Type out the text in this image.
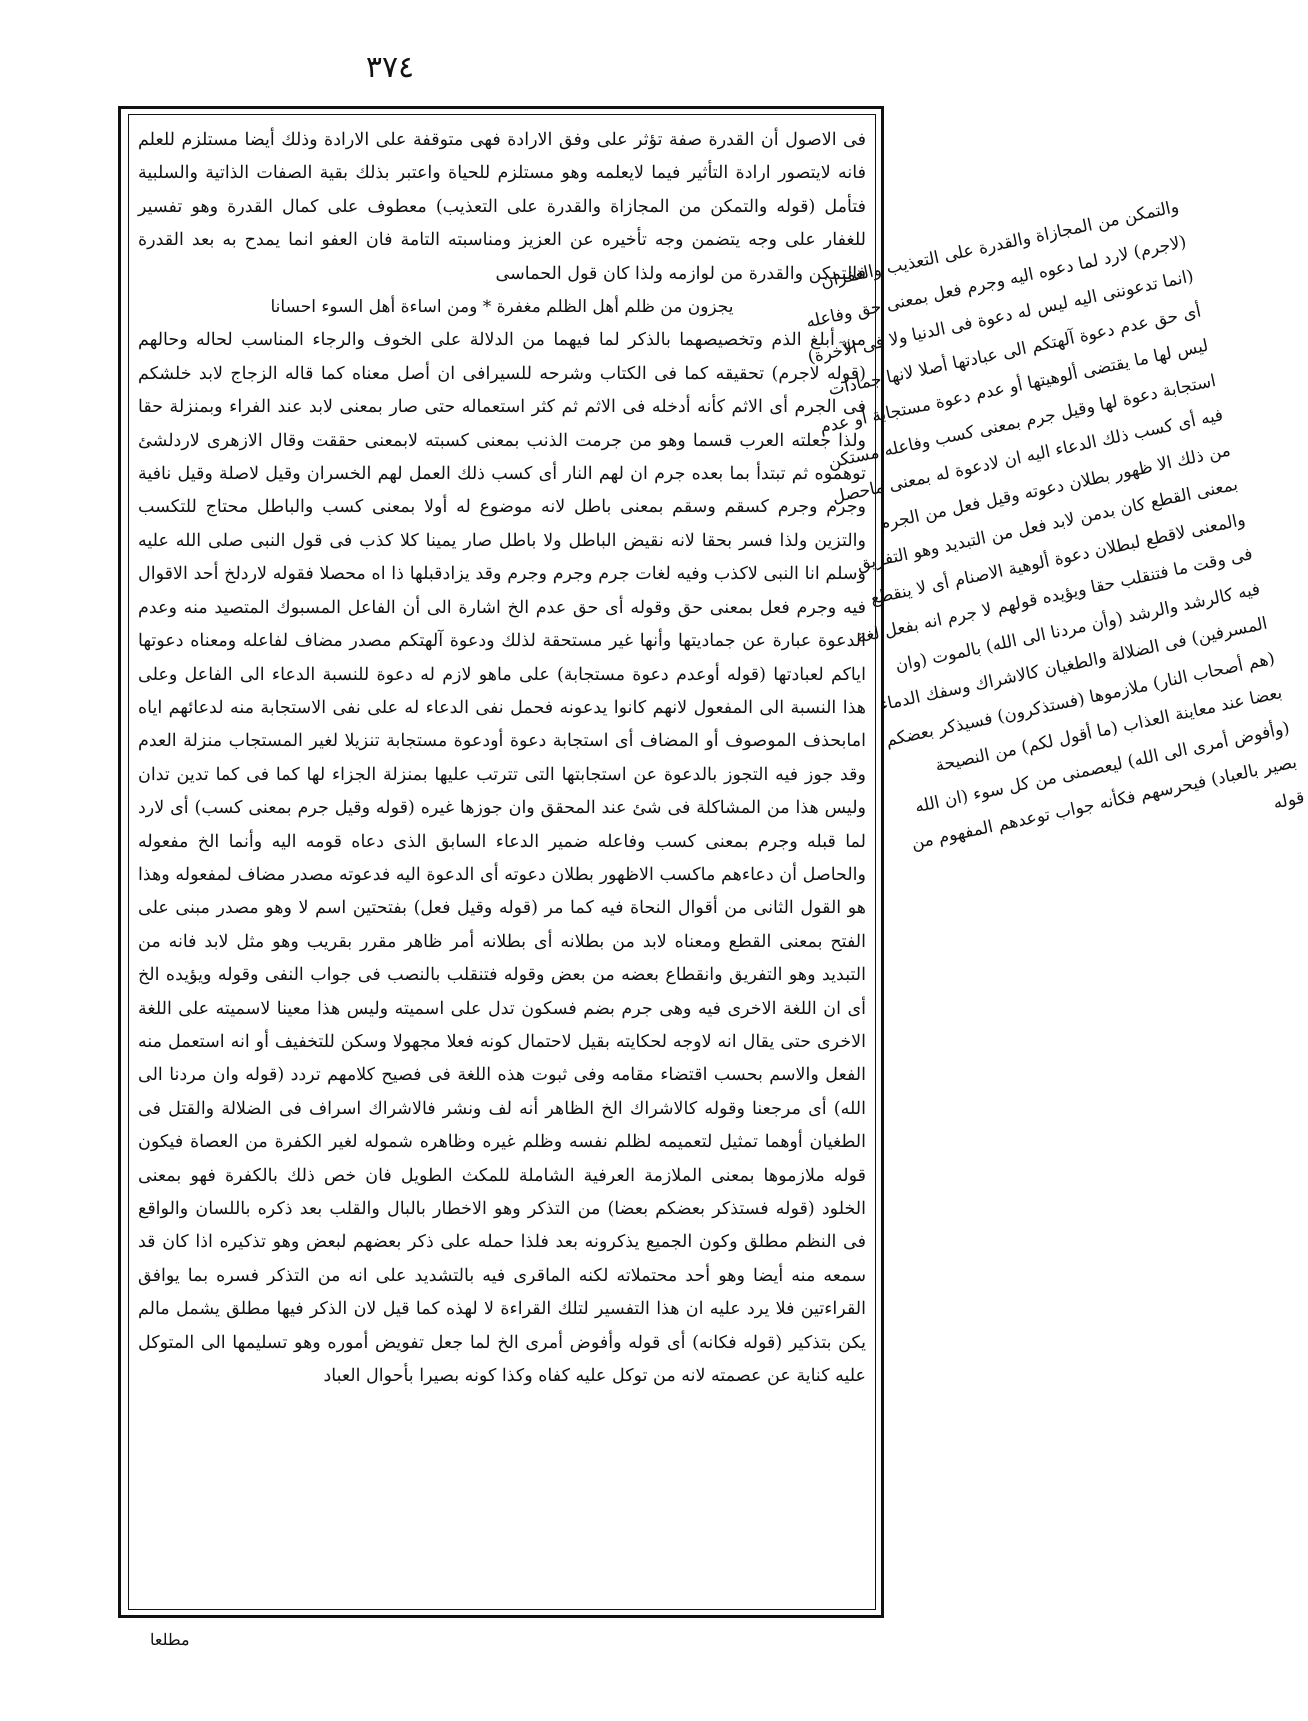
٣٧٤

فى الاصول أن القدرة صفة تؤثر على وفق الارادة فهى متوقفة على الارادة وذلك أيضا مستلزم للعلم فانه لايتصور ارادة التأثير فيما لايعلمه وهو مستلزم للحياة واعتبر بذلك بقية الصفات الذاتية والسلبية فتأمل (قوله والتمكن من المجازاة والقدرة على التعذيب) معطوف على كمال القدرة وهو تفسير للغفار على وجه يتضمن وجه تأخيره عن العزيز ومناسبته التامة فان العفو انما يمدح به بعد القدرة فالتمكن والقدرة من لوازمه ولذا كان قول الحماسى

يجزون من ظلم أهل الظلم مغفرة * ومن اساءة أهل السوء احسانا

من أبلغ الذم وتخصيصهما بالذكر لما فيهما من الدلالة على الخوف والرجاء المناسب لحاله وحالهم (قوله لاجرم) تحقيقه كما فى الكتاب وشرحه للسيرافى ان أصل معناه كما قاله الزجاج لابد خلشكم فى الجرم أى الاثم كأنه أدخله فى الاثم ثم كثر استعماله حتى صار بمعنى لابد عند الفراء وبمنزلة حقا ولذا جعلته العرب قسما وهو من جرمت الذنب بمعنى كسبته لابمعنى حققت وقال الازهرى لاردلشئ توهموه ثم تبتدأ بما بعده جرم ان لهم النار أى كسب ذلك العمل لهم الخسران وقيل لاصلة وقيل نافية وجرم وجرم كسقم وسقم بمعنى باطل لانه موضوع له أولا بمعنى كسب والباطل محتاج للتكسب والتزين ولذا فسر بحقا لانه نقيض الباطل ولا باطل صار يمينا كلا كذب فى قول النبى صلى الله عليه وسلم انا النبى لاكذب وفيه لغات جرم وجرم وجرم وقد يزادقبلها ذا اه محصلا فقوله لاردلخ أحد الاقوال فيه وجرم فعل بمعنى حق وقوله أى حق عدم الخ اشارة الى أن الفاعل المسبوك المتصيد منه وعدم الدعوة عبارة عن جماديتها وأنها غير مستحقة لذلك ودعوة آلهتكم مصدر مضاف لفاعله ومعناه دعوتها اياكم لعبادتها (قوله أوعدم دعوة مستجابة) على ماهو لازم له دعوة للنسبة الدعاء الى الفاعل وعلى هذا النسبة الى المفعول لانهم كانوا يدعونه فحمل نفى الدعاء له على نفى الاستجابة منه لدعائهم اياه امابحذف الموصوف أو المضاف أى استجابة دعوة أودعوة مستجابة تنزيلا لغير المستجاب منزلة العدم وقد جوز فيه التجوز بالدعوة عن استجابتها التى تترتب عليها بمنزلة الجزاء لها كما فى كما تدين تدان وليس هذا من المشاكلة فى شئ عند المحقق وان جوزها غيره (قوله وقيل جرم بمعنى كسب) أى لارد لما قبله وجرم بمعنى كسب وفاعله ضمير الدعاء السابق الذى دعاه قومه اليه وأنما الخ مفعوله والحاصل أن دعاءهم ماكسب الاظهور بطلان دعوته أى الدعوة اليه فدعوته مصدر مضاف لمفعوله وهذا هو القول الثانى من أقوال النحاة فيه كما مر (قوله وقيل فعل) بفتحتين اسم لا وهو مصدر مبنى على الفتح بمعنى القطع ومعناه لابد من بطلانه أى بطلانه أمر ظاهر مقرر بقريب وهو مثل لابد فانه من التبديد وهو التفريق وانقطاع بعضه من بعض وقوله فتنقلب بالنصب فى جواب النفى وقوله ويؤيده الخ أى ان اللغة الاخرى فيه وهى جرم بضم فسكون تدل على اسميته وليس هذا معينا لاسميته على اللغة الاخرى حتى يقال انه لاوجه لحكايته بقيل لاحتمال كونه فعلا مجهولا وسكن للتخفيف أو انه استعمل منه الفعل والاسم بحسب اقتضاء مقامه وفى ثبوت هذه اللغة فى فصيح كلامهم تردد (قوله وان مردنا الى الله) أى مرجعنا وقوله كالاشراك الخ الظاهر أنه لف ونشر فالاشراك اسراف فى الضلالة والقتل فى الطغيان أوهما تمثيل لتعميمه لظلم نفسه وظلم غيره وظاهره شموله لغير الكفرة من العصاة فيكون قوله ملازموها بمعنى الملازمة العرفية الشاملة للمكث الطويل فان خص ذلك بالكفرة فهو بمعنى الخلود (قوله فستذكر بعضكم بعضا) من التذكر وهو الاخطار بالبال والقلب بعد ذكره باللسان والواقع فى النظم مطلق وكون الجميع يذكرونه بعد فلذا حمله على ذكر بعضهم لبعض وهو تذكيره اذا كان قد سمعه منه أيضا وهو أحد محتملاته لكنه الماقرى فيه بالتشديد على انه من التذكر فسره بما يوافق القراءتين فلا يرد عليه ان هذا التفسير لتلك القراءة لا لهذه كما قيل لان الذكر فيها مطلق يشمل مالم يكن بتذكير (قوله فكانه) أى قوله وأفوض أمرى الخ لما جعل تفويض أموره وهو تسليمها الى المتوكل عليه كناية عن عصمته لانه من توكل عليه كفاه وكذا كونه بصيرا بأحوال العباد

والتمكن من المجازاة والقدرة على التعذيب والغفران (لاجرم) لارد لما دعوه اليه وجرم فعل بمعنى حق وفاعله (انما تدعوننى اليه ليس له دعوة فى الدنيا ولا فى الآخرة) أى حق عدم دعوة آلهتكم الى عبادتها أصلا لانها جمادات ليس لها ما يقتضى ألوهيتها أو عدم دعوة مستجابة أو عدم استجابة دعوة لها وقيل جرم بمعنى كسب وفاعله مستكن فيه أى كسب ذلك الدعاء اليه ان لادعوة له بمعنى ماحصل من ذلك الا ظهور بطلان دعوته وقيل فعل من الجرم بمعنى القطع كان بدمن لابد فعل من التبديد وهو التفريق والمعنى لاقطع لبطلان دعوة ألوهية الاصنام أى لا ينقطع فى وقت ما فتنقلب حقا ويؤيده قولهم لا جرم انه بفعل لغة فيه كالرشد والرشد (وأن مردنا الى الله) بالموت (وان المسرفين) فى الضلالة والطغيان كالاشراك وسفك الدماء (هم أصحاب النار) ملازموها (فستذكرون) فسيذكر بعضكم بعضا عند معاينة العذاب (ما أقول لكم) من النصيحة (وأفوض أمرى الى الله) ليعصمنى من كل سوء (ان الله بصير بالعباد) فيحرسهم فكأنه جواب توعدهم المفهوم من قوله
مطلعا
